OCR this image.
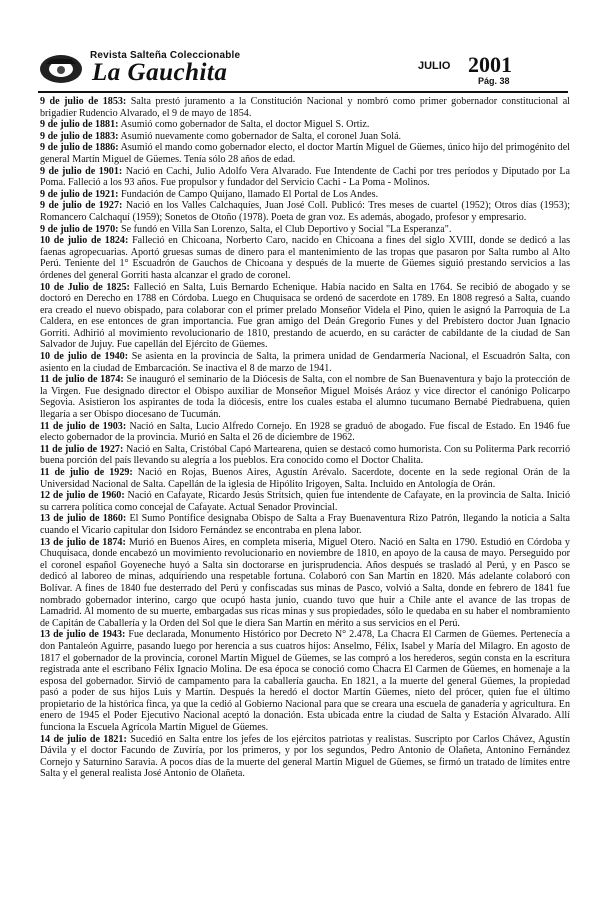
Revista Salteña Coleccionable
La Gauchita	JULIO 2001
Pág. 38

9 de julio de 1853: Salta prestó juramento a la Constitución Nacional y nombró como primer gobernador constitucional al brigadier Rudencio Alvarado, el 9 de mayo de 1854.

9 de julio de 1881: Asumió como gobernador de Salta, el doctor Miguel S. Ortiz.

9 de julio de 1883: Asumió nuevamente como gobernador de Salta, el coronel Juan Solá.

9 de julio de 1886: Asumió el mando como gobernador electo, el doctor Martín Miguel de Güemes, único hijo del primogénito del general Martín Miguel de Güemes. Tenía sólo 28 años de edad.

9 de julio de 1901: Nació en Cachi, Julio Adolfo Vera Alvarado. Fue Intendente de Cachi por tres períodos y Diputado por La Poma. Falleció a los 93 años. Fue propulsor y fundador del Servicio Cachi - La Poma - Molinos.

9 de julio de 1921: Fundación de Campo Quijano, llamado El Portal de Los Andes.

9 de julio de 1927: Nació en los Valles Calchaquíes, Juan José Coll. Publicó: Tres meses de cuartel (1952); Otros días (1953); Romancero Calchaquí (1959); Sonetos de Otoño (1978). Poeta de gran voz. Es además, abogado, profesor y empresario.

9 de julio de 1970: Se fundó en Villa San Lorenzo, Salta, el Club Deportivo y Social "La Esperanza".

10 de julio de 1824: Falleció en Chicoana, Norberto Caro, nacido en Chicoana a fines del siglo XVIII, donde se dedicó a las faenas agropecuarias. Aportó gruesas sumas de dinero para el mantenimiento de las tropas que pasaron por Salta rumbo al Alto Perú. Teniente del 1° Escuadrón de Gauchos de Chicoana y después de la muerte de Güemes siguió prestando servicios a las órdenes del general Gorriti hasta alcanzar el grado de coronel.

10 de Julio de 1825: Falleció en Salta, Luis Bernardo Echenique. Había nacido en Salta en 1764. Se recibió de abogado y se doctoró en Derecho en 1788 en Córdoba. Luego en Chuquisaca se ordenó de sacerdote en 1789. En 1808 regresó a Salta, cuando era creado el nuevo obispado, para colaborar con el primer prelado Monseñor Videla el Pino, quien le asignó la Parroquia de La Caldera, en ese entonces de gran importancia. Fue gran amigo del Deán Gregorio Funes y del Prebístero doctor Juan Ignacio Gorriti. Adhirió al movimiento revolucionario de 1810, prestando de acuerdo, en su carácter de cabildante de la ciudad de San Salvador de Jujuy. Fue capellán del Ejército de Güemes.

10 de julio de 1940: Se asienta en la provincia de Salta, la primera unidad de Gendarmería Nacional, el Escuadrón Salta, con asiento en la ciudad de Embarcación. Se inactiva el 8 de marzo de 1941.

11 de julio de 1874: Se inauguró el seminario de la Diócesis de Salta, con el nombre de San Buenaventura y bajo la protección de la Virgen. Fue designado director el Obispo auxiliar de Monseñor Miguel Moisés Aráoz y vice director el canónigo Policarpo Segovia. Asistieron los aspirantes de toda la diócesis, entre los cuales estaba el alumno tucumano Bernabé Piedrabuena, quien llegaría a ser Obispo diocesano de Tucumán.

11 de julio de 1903: Nació en Salta, Lucio Alfredo Cornejo. En 1928 se graduó de abogado. Fue fiscal de Estado. En 1946 fue electo gobernador de la provincia. Murió en Salta el 26 de diciembre de 1962.

11 de julio de 1927: Nació en Salta, Cristóbal Capó Martearena, quien se destacó como humorista. Con su Politerma Park recorrió buena porción del país llevando su alegría a los pueblos. Era conocido como el Doctor Chalita.

11 de julio de 1929: Nació en Rojas, Buenos Aires, Agustín Arévalo. Sacerdote, docente en la sede regional Orán de la Universidad Nacional de Salta. Capellán de la iglesia de Hipólito Irigoyen, Salta. Incluido en Antología de Orán.

12 de julio de 1960: Nació en Cafayate, Ricardo Jesús Stritsich, quien fue intendente de Cafayate, en la provincia de Salta. Inició su carrera política como concejal de Cafayate. Actual Senador Provincial.

13 de julio de 1860: El Sumo Pontífice designaba Obispo de Salta a Fray Buenaventura Rizo Patrón, llegando la noticia a Salta cuando el Vicario capitular don Isidoro Fernández se encontraba en plena labor.

13 de julio de 1874: Murió en Buenos Aires, en completa miseria, Miguel Otero. Nació en Salta en 1790. Estudió en Córdoba y Chuquisaca, donde encabezó un movimiento revolucionario en noviembre de 1810, en apoyo de la causa de mayo. Perseguido por el coronel español Goyeneche huyó a Salta sin doctorarse en jurisprudencia. Años después se trasladó al Perú, y en Pasco se dedicó al laboreo de minas, adquiriendo una respetable fortuna. Colaboró con San Martín en 1820. Más adelante colaboró con Bolívar. A fines de 1840 fue desterrado del Perú y confiscadas sus minas de Pasco, volvió a Salta, donde en febrero de 1841 fue nombrado gobernador interino, cargo que ocupó hasta junio, cuando tuvo que huir a Chile ante el avance de las tropas de Lamadrid. Al momento de su muerte, embargadas sus ricas minas y sus propiedades, sólo le quedaba en su haber el nombramiento de Capitán de Caballería y la Orden del Sol que le diera San Martín en mérito a sus servicios en el Perú.

13 de julio de 1943: Fue declarada, Monumento Histórico por Decreto N° 2.478, La Chacra El Carmen de Güemes. Pertenecía a don Pantaleón Aguirre, pasando luego por herencia a sus cuatros hijos: Anselmo, Félix, Isabel y María del Milagro. En agosto de 1817 el gobernador de la provincia, coronel Martín Miguel de Güemes, se las compró a los herederos, según consta en la escritura registrada ante el escribano Félix Ignacio Molina. De esa época se conoció como Chacra El Carmen de Güemes, en homenaje a la esposa del gobernador. Sirvió de campamento para la caballería gaucha. En 1821, a la muerte del general Güemes, la propiedad pasó a poder de sus hijos Luis y Martín. Después la heredó el doctor Martín Güemes, nieto del prócer, quien fue el último propietario de la histórica finca, ya que la cedió al Gobierno Nacional para que se creara una escuela de ganadería y agricultura. En enero de 1945 el Poder Ejecutivo Nacional aceptó la donación. Esta ubicada entre la ciudad de Salta y Estación Alvarado. Allí funciona la Escuela Agrícola Martín Miguel de Güemes.

14 de julio de 1821: Sucedió en Salta entre los jefes de los ejércitos patriotas y realistas. Suscripto por Carlos Chávez, Agustín Dávila y el doctor Facundo de Zuviría, por los primeros, y por los segundos, Pedro Antonio de Olañeta, Antonino Fernández Cornejo y Saturnino Saravia. A pocos días de la muerte del general Martín Miguel de Güemes, se firmó un tratado de límites entre Salta y el general realista José Antonio de Olañeta.
